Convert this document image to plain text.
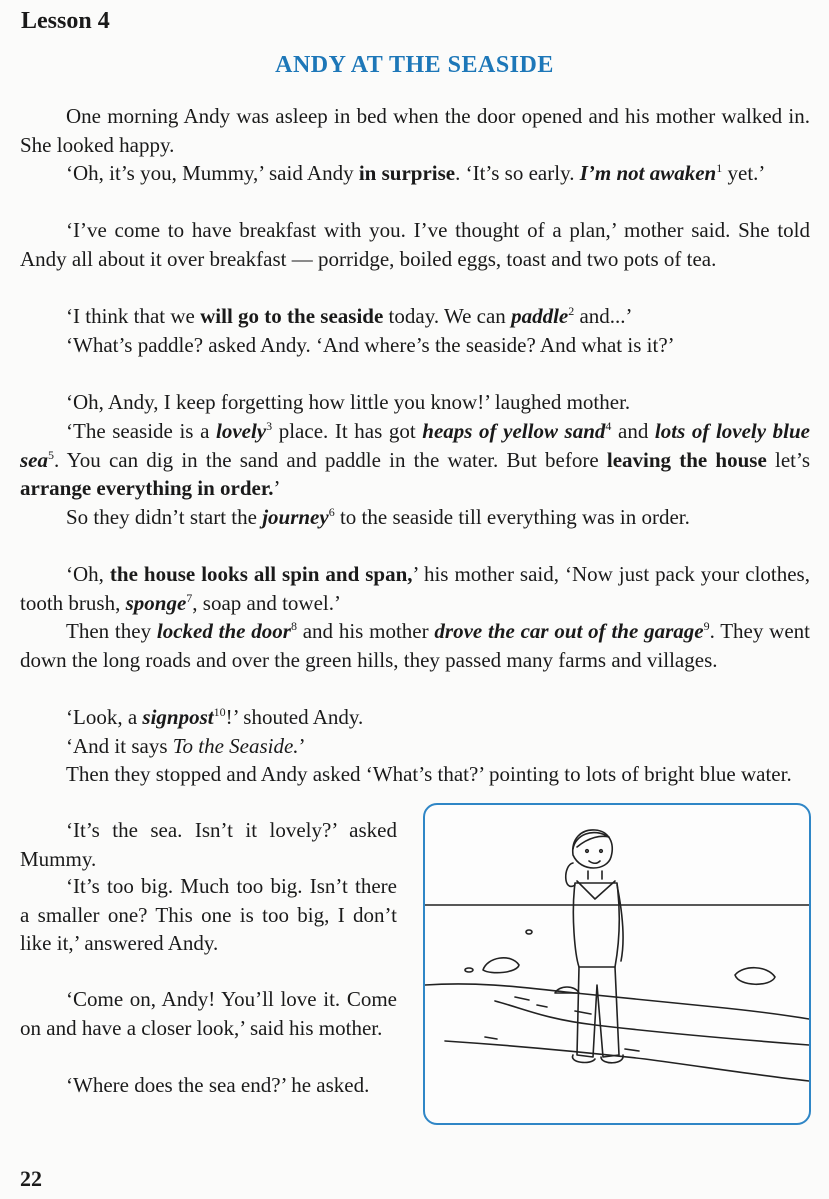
Lesson 4
ANDY AT THE SEASIDE

One morning Andy was asleep in bed when the door opened and his mother walked in. She looked happy.

‘Oh, it’s you, Mummy,’ said Andy in surprise. ‘It’s so early. I’m not awaken$^1$ yet.’

‘I’ve come to have breakfast with you. I’ve thought of a plan,’ mother said. She told Andy all about it over breakfast — porridge, boiled eggs, toast and two pots of tea.

‘I think that we will go to the seaside today. We can paddle$^2$ and...’

‘What’s paddle? asked Andy. ‘And where’s the seaside? And what is it?’

‘Oh, Andy, I keep forgetting how little you know!’ laughed mother.

‘The seaside is a lovely$^3$ place. It has got heaps of yellow sand$^4$ and lots of lovely blue sea$^5$. You can dig in the sand and paddle in the water. But before leaving the house let’s arrange everything in order.’

So they didn’t start the journey$^6$ to the seaside till everything was in order.

‘Oh, the house looks all spin and span,’ his mother said, ‘Now just pack your clothes, tooth brush, sponge$^7$, soap and towel.’

Then they locked the door$^8$ and his mother drove the car out of the garage$^9$. They went down the long roads and over the green hills, they passed many farms and villages.

‘Look, a signpost$^{10}$!’ shouted Andy.

‘And it says To the Seaside.’

Then they stopped and Andy asked ‘What’s that?’ pointing to lots of bright blue water.

‘It’s the sea. Isn’t it lovely?’ asked Mummy.

‘It’s too big. Much too big. Isn’t there a smaller one? This one is too big, I don’t like it,’ answered Andy.

‘Come on, Andy! You’ll love it. Come on and have a closer look,’ said his mother.

‘Where does the sea end?’ he asked.

22
